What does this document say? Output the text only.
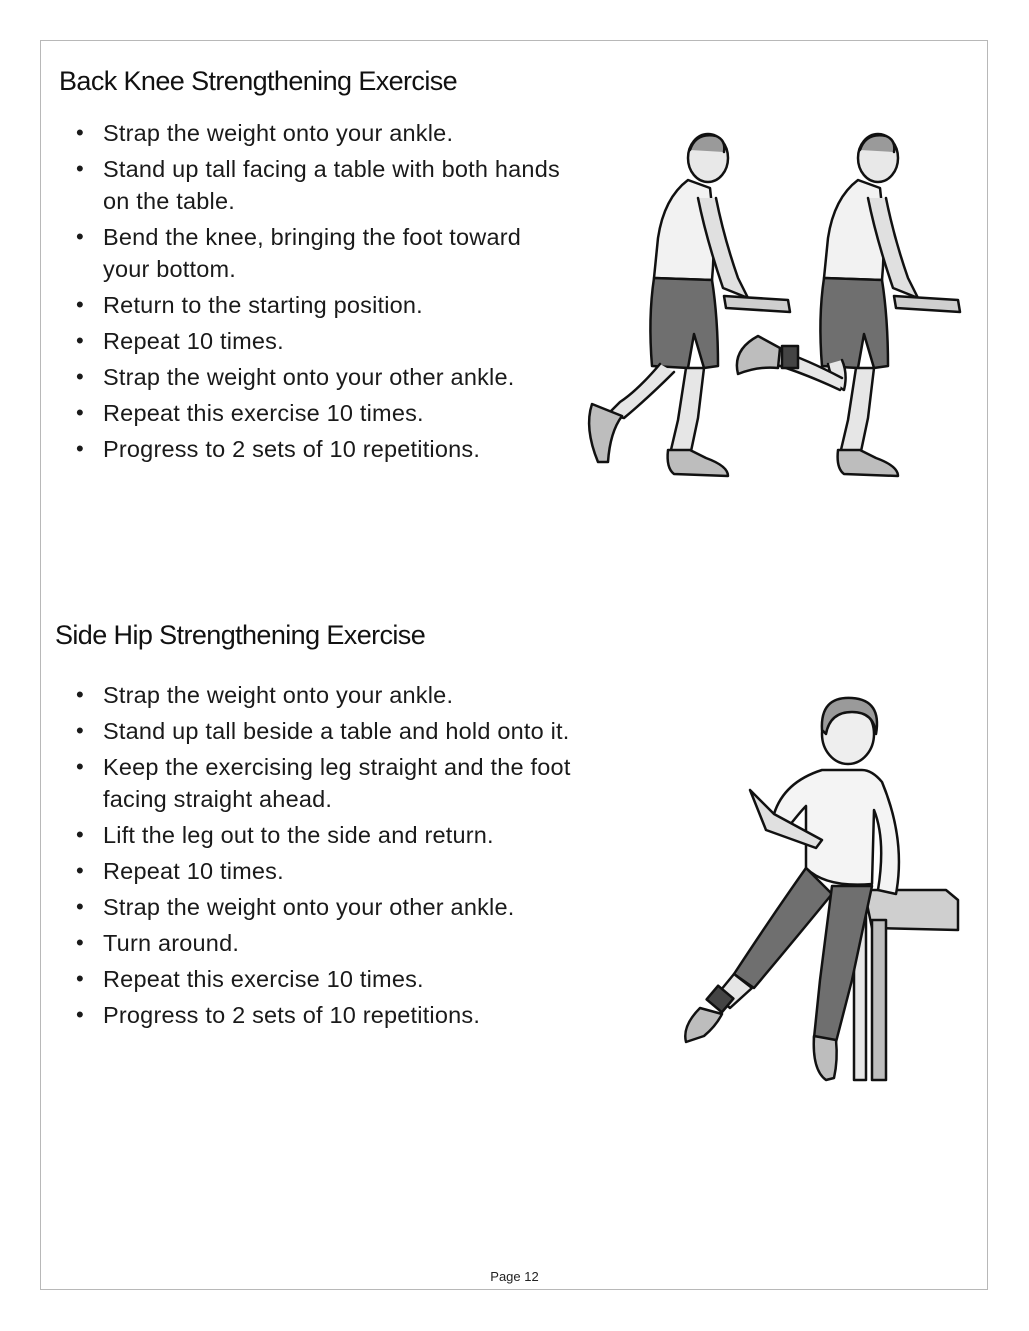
Back Knee Strengthening Exercise
• Strap the weight onto your ankle.
• Stand up tall facing a table with both hands on the table.
• Bend the knee, bringing the foot toward your bottom.
• Return to the starting position.
• Repeat 10 times.
• Strap the weight onto your other ankle.
• Repeat this exercise 10 times.
• Progress to 2 sets of 10 repetitions.
Side Hip Strengthening Exercise
• Strap the weight onto your ankle.
• Stand up tall beside a table and hold onto it.
• Keep the exercising leg straight and the foot facing straight ahead.
• Lift the leg out to the side and return.
• Repeat 10 times.
• Strap the weight onto your other ankle.
• Turn around.
• Repeat this exercise 10 times.
• Progress to 2 sets of 10 repetitions.
Page 12
